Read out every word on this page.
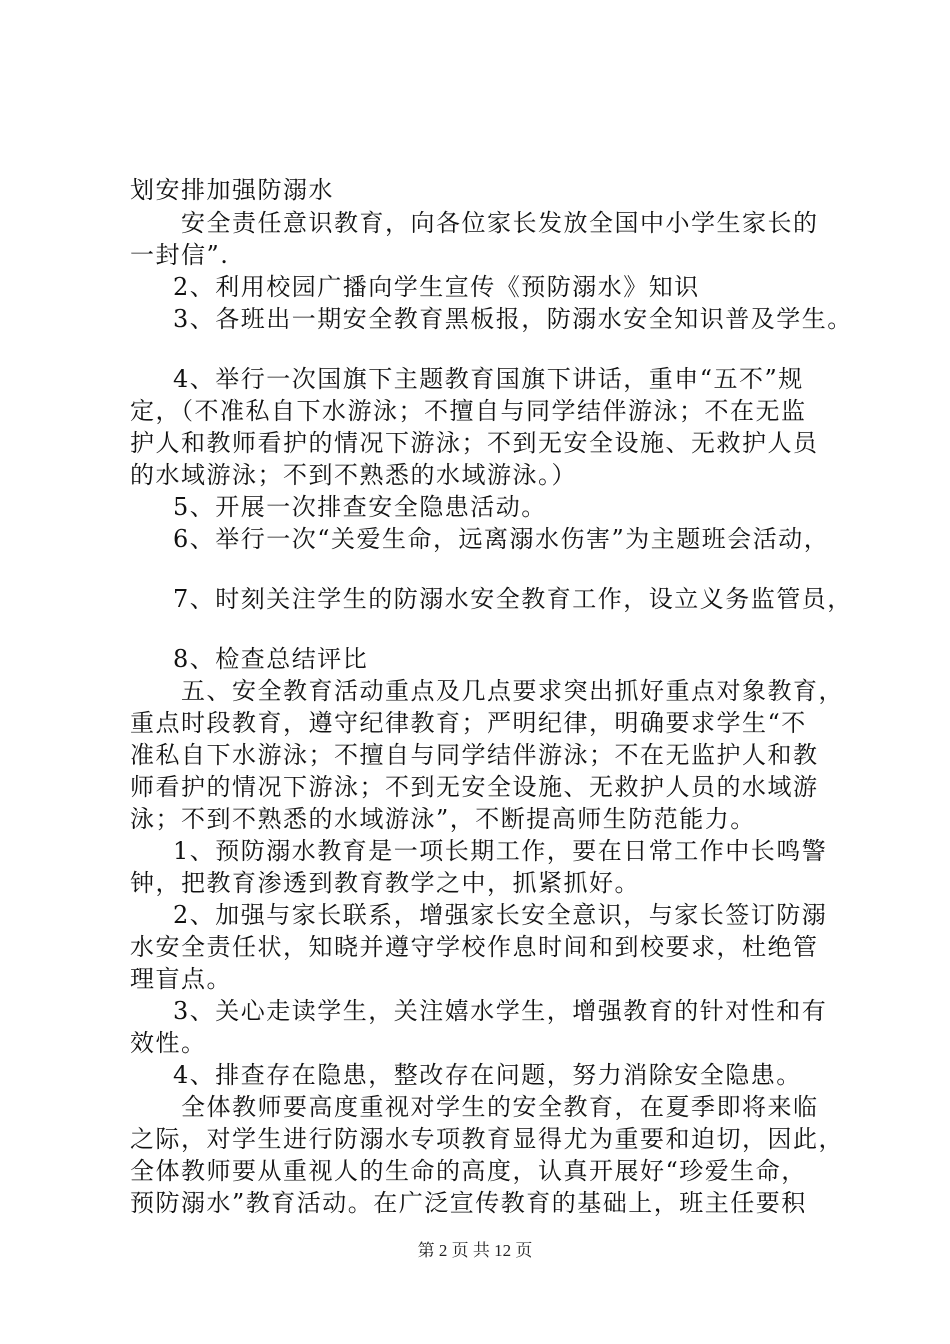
划安排加强防溺水
安全责任意识教育，向各位家长发放全国中小学生家长的
一封信”.
2、利用校园广播向学生宣传《预防溺水》知识
3、各班出一期安全教育黑板报，防溺水安全知识普及学生。
4、举行一次国旗下主题教育国旗下讲话，重申“五不”规
定，（不准私自下水游泳；不擅自与同学结伴游泳；不在无监
护人和教师看护的情况下游泳；不到无安全设施、无救护人员
的水域游泳；不到不熟悉的水域游泳。）
5、开展一次排查安全隐患活动。
6、举行一次“关爱生命，远离溺水伤害”为主题班会活动，
7、时刻关注学生的防溺水安全教育工作，设立义务监管员，
8、检查总结评比
五、安全教育活动重点及几点要求突出抓好重点对象教育，
重点时段教育，遵守纪律教育；严明纪律，明确要求学生“不
准私自下水游泳；不擅自与同学结伴游泳；不在无监护人和教
师看护的情况下游泳；不到无安全设施、无救护人员的水域游
泳；不到不熟悉的水域游泳”，不断提高师生防范能力。
1、预防溺水教育是一项长期工作，要在日常工作中长鸣警
钟，把教育渗透到教育教学之中，抓紧抓好。
2、加强与家长联系，增强家长安全意识，与家长签订防溺
水安全责任状，知晓并遵守学校作息时间和到校要求，杜绝管
理盲点。
3、关心走读学生，关注嬉水学生，增强教育的针对性和有
效性。
4、排查存在隐患，整改存在问题，努力消除安全隐患。
全体教师要高度重视对学生的安全教育，在夏季即将来临
之际，对学生进行防溺水专项教育显得尤为重要和迫切，因此，
全体教师要从重视人的生命的高度，认真开展好“珍爱生命，
预防溺水”教育活动。在广泛宣传教育的基础上，班主任要积
第 2 页 共 12 页
